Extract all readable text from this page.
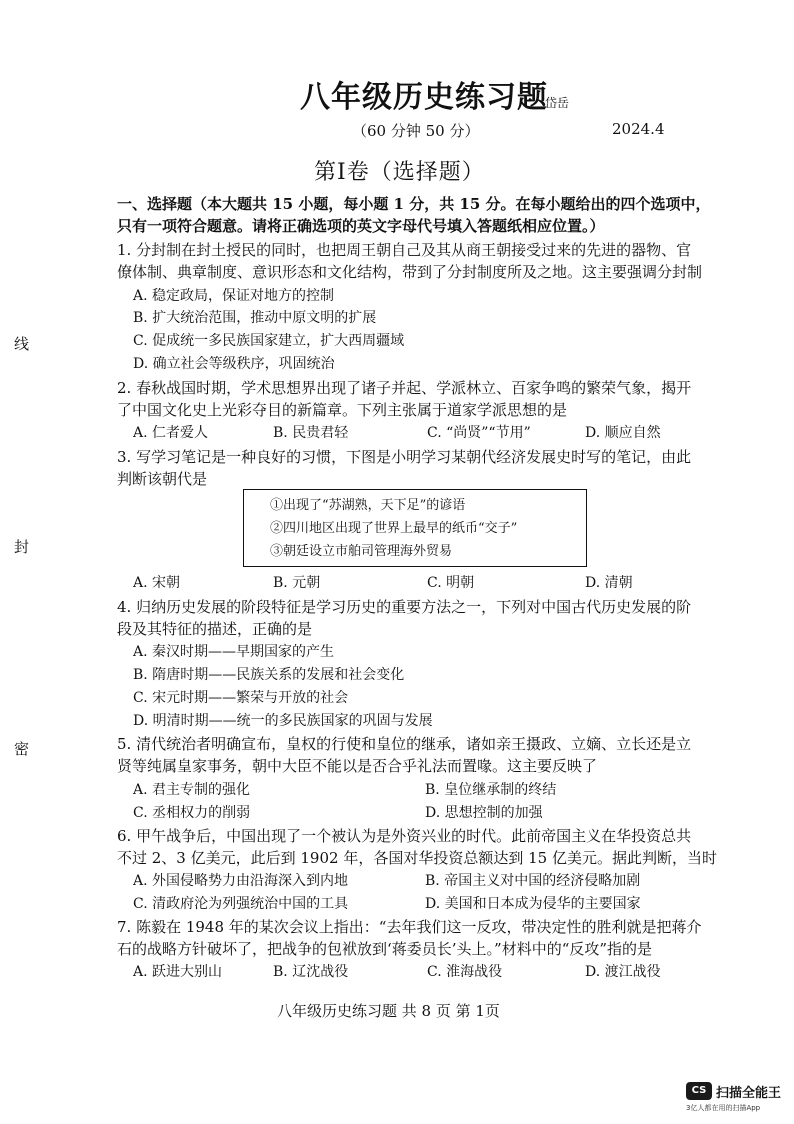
八年级历史练习题
岱岳
（60 分钟 50 分）	2024.4
第Ⅰ卷（选择题）
一、选择题（本大题共 15 小题，每小题 1 分，共 15 分。在每小题给出的四个选项中，
只有一项符合题意。请将正确选项的英文字母代号填入答题纸相应位置。）
1. 分封制在封土授民的同时，也把周王朝自己及其从商王朝接受过来的先进的器物、官
僚体制、典章制度、意识形态和文化结构，带到了分封制度所及之地。这主要强调分封制
A. 稳定政局，保证对地方的控制
B. 扩大统治范围，推动中原文明的扩展
C. 促成统一多民族国家建立，扩大西周疆域
D. 确立社会等级秩序，巩固统治
2. 春秋战国时期，学术思想界出现了诸子并起、学派林立、百家争鸣的繁荣气象，揭开
了中国文化史上光彩夺目的新篇章。下列主张属于道家学派思想的是
A. 仁者爱人	B. 民贵君轻	C. “尚贤”“节用”	D. 顺应自然
3. 写学习笔记是一种良好的习惯，下图是小明学习某朝代经济发展史时写的笔记，由此
判断该朝代是
①出现了“苏湖熟，天下足”的谚语
②四川地区出现了世界上最早的纸币“交子”
③朝廷设立市舶司管理海外贸易
A. 宋朝	B. 元朝	C. 明朝	D. 清朝
4. 归纳历史发展的阶段特征是学习历史的重要方法之一，下列对中国古代历史发展的阶
段及其特征的描述，正确的是
A. 秦汉时期——早期国家的产生
B. 隋唐时期——民族关系的发展和社会变化
C. 宋元时期——繁荣与开放的社会
D. 明清时期——统一的多民族国家的巩固与发展
5. 清代统治者明确宣布，皇权的行使和皇位的继承，诸如亲王摄政、立嫡、立长还是立
贤等纯属皇家事务，朝中大臣不能以是否合乎礼法而置喙。这主要反映了
A. 君主专制的强化	B. 皇位继承制的终结
C. 丞相权力的削弱	D. 思想控制的加强
6. 甲午战争后，中国出现了一个被认为是外资兴业的时代。此前帝国主义在华投资总共
不过 2、3 亿美元，此后到 1902 年，各国对华投资总额达到 15 亿美元。据此判断，当时
A. 外国侵略势力由沿海深入到内地	B. 帝国主义对中国的经济侵略加剧
C. 清政府沦为列强统治中国的工具	D. 美国和日本成为侵华的主要国家
7. 陈毅在 1948 年的某次会议上指出：“去年我们这一反攻，带决定性的胜利就是把蒋介
石的战略方针破坏了，把战争的包袱放到‘蒋委员长’头上。”材料中的“反攻”指的是
A. 跃进大别山	B. 辽沈战役	C. 淮海战役	D. 渡江战役
线
封
密
八年级历史练习题 共 8 页 第 1页
CS 扫描全能王
3亿人都在用的扫描App
